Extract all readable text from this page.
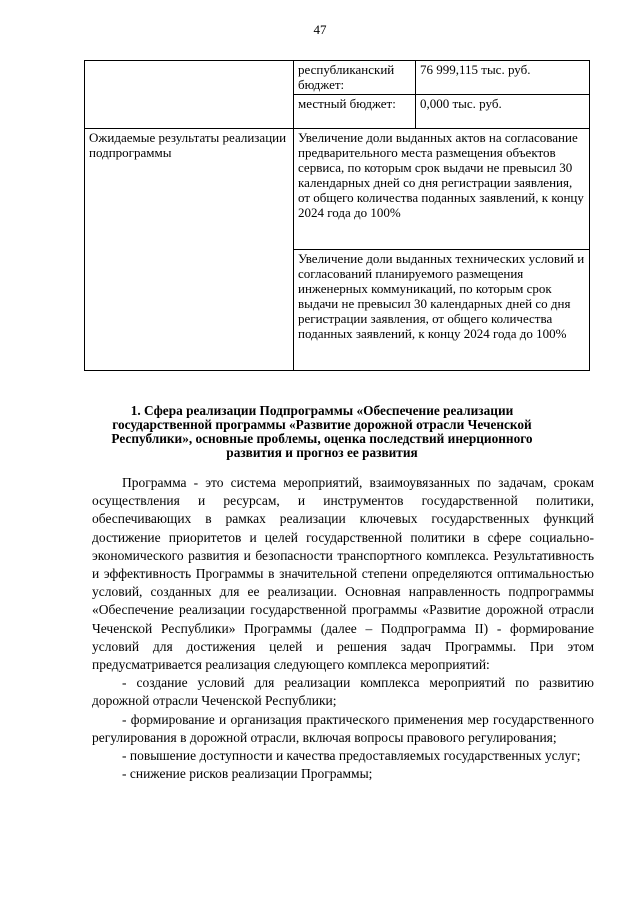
47
	республиканский бюджет:	76 999,115 тыс. руб.
	местный бюджет:	0,000 тыс. руб.
Ожидаемые результаты реализации подпрограммы	Увеличение доли выданных актов на согласование предварительного места размещения объектов сервиса, по которым срок выдачи не превысил 30 календарных дней со дня регистрации заявления, от общего количества поданных заявлений, к концу 2024 года до 100%	
	Увеличение доли выданных технических условий и согласований планируемого размещения инженерных коммуникаций, по которым срок выдачи не превысил 30 календарных дней со дня регистрации заявления, от общего количества поданных заявлений, к концу 2024 года до 100%	
1. Сфера реализации Подпрограммы «Обеспечение реализации государственной программы «Развитие дорожной отрасли Чеченской Республики», основные проблемы, оценка последствий инерционного развития и прогноз ее развития

Программа - это система мероприятий, взаимоувязанных по задачам, срокам осуществления и ресурсам, и инструментов государственной политики, обеспечивающих в рамках реализации ключевых государственных функций достижение приоритетов и целей государственной политики в сфере социально-экономического развития и безопасности транспортного комплекса. Результативность и эффективность Программы в значительной степени определяются оптимальностью условий, созданных для ее реализации. Основная направленность подпрограммы «Обеспечение реализации государственной программы «Развитие дорожной отрасли Чеченской Республики» Программы (далее – Подпрограмма II) - формирование условий для достижения целей и решения задач Программы. При этом предусматривается реализация следующего комплекса мероприятий:

- создание условий для реализации комплекса мероприятий по развитию дорожной отрасли Чеченской Республики;

- формирование и организация практического применения мер государственного регулирования в дорожной отрасли, включая вопросы правового регулирования;

- повышение доступности и качества предоставляемых государственных услуг;

- снижение рисков реализации Программы;
